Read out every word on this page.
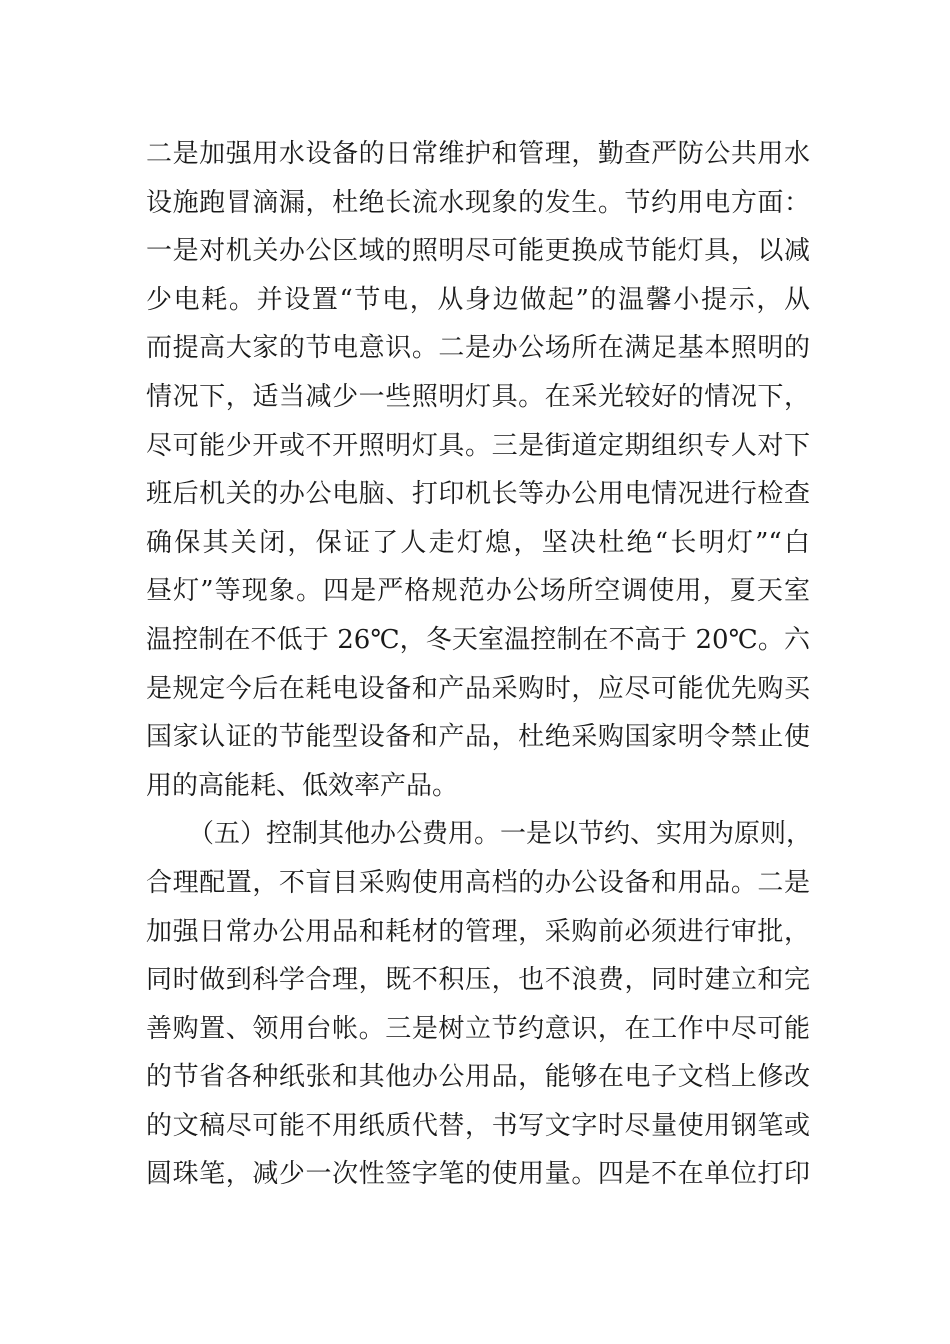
二是加强用水设备的日常维护和管理，勤查严防公共用水
设施跑冒滴漏，杜绝长流水现象的发生。节约用电方面：
一是对机关办公区域的照明尽可能更换成节能灯具，以减
少电耗。并设置“节电，从身边做起”的温馨小提示，从
而提高大家的节电意识。二是办公场所在满足基本照明的
情况下，适当减少一些照明灯具。在采光较好的情况下，
尽可能少开或不开照明灯具。三是街道定期组织专人对下
班后机关的办公电脑、打印机长等办公用电情况进行检查
确保其关闭，保证了人走灯熄，坚决杜绝“长明灯”“白
昼灯”等现象。四是严格规范办公场所空调使用，夏天室
温控制在不低于 26℃，冬天室温控制在不高于 20℃。六
是规定今后在耗电设备和产品采购时，应尽可能优先购买
国家认证的节能型设备和产品，杜绝采购国家明令禁止使
用的高能耗、低效率产品。
（五）控制其他办公费用。一是以节约、实用为原则，
合理配置，不盲目采购使用高档的办公设备和用品。二是
加强日常办公用品和耗材的管理，采购前必须进行审批，
同时做到科学合理，既不积压，也不浪费，同时建立和完
善购置、领用台帐。三是树立节约意识，在工作中尽可能
的节省各种纸张和其他办公用品，能够在电子文档上修改
的文稿尽可能不用纸质代替，书写文字时尽量使用钢笔或
圆珠笔，减少一次性签字笔的使用量。四是不在单位打印
